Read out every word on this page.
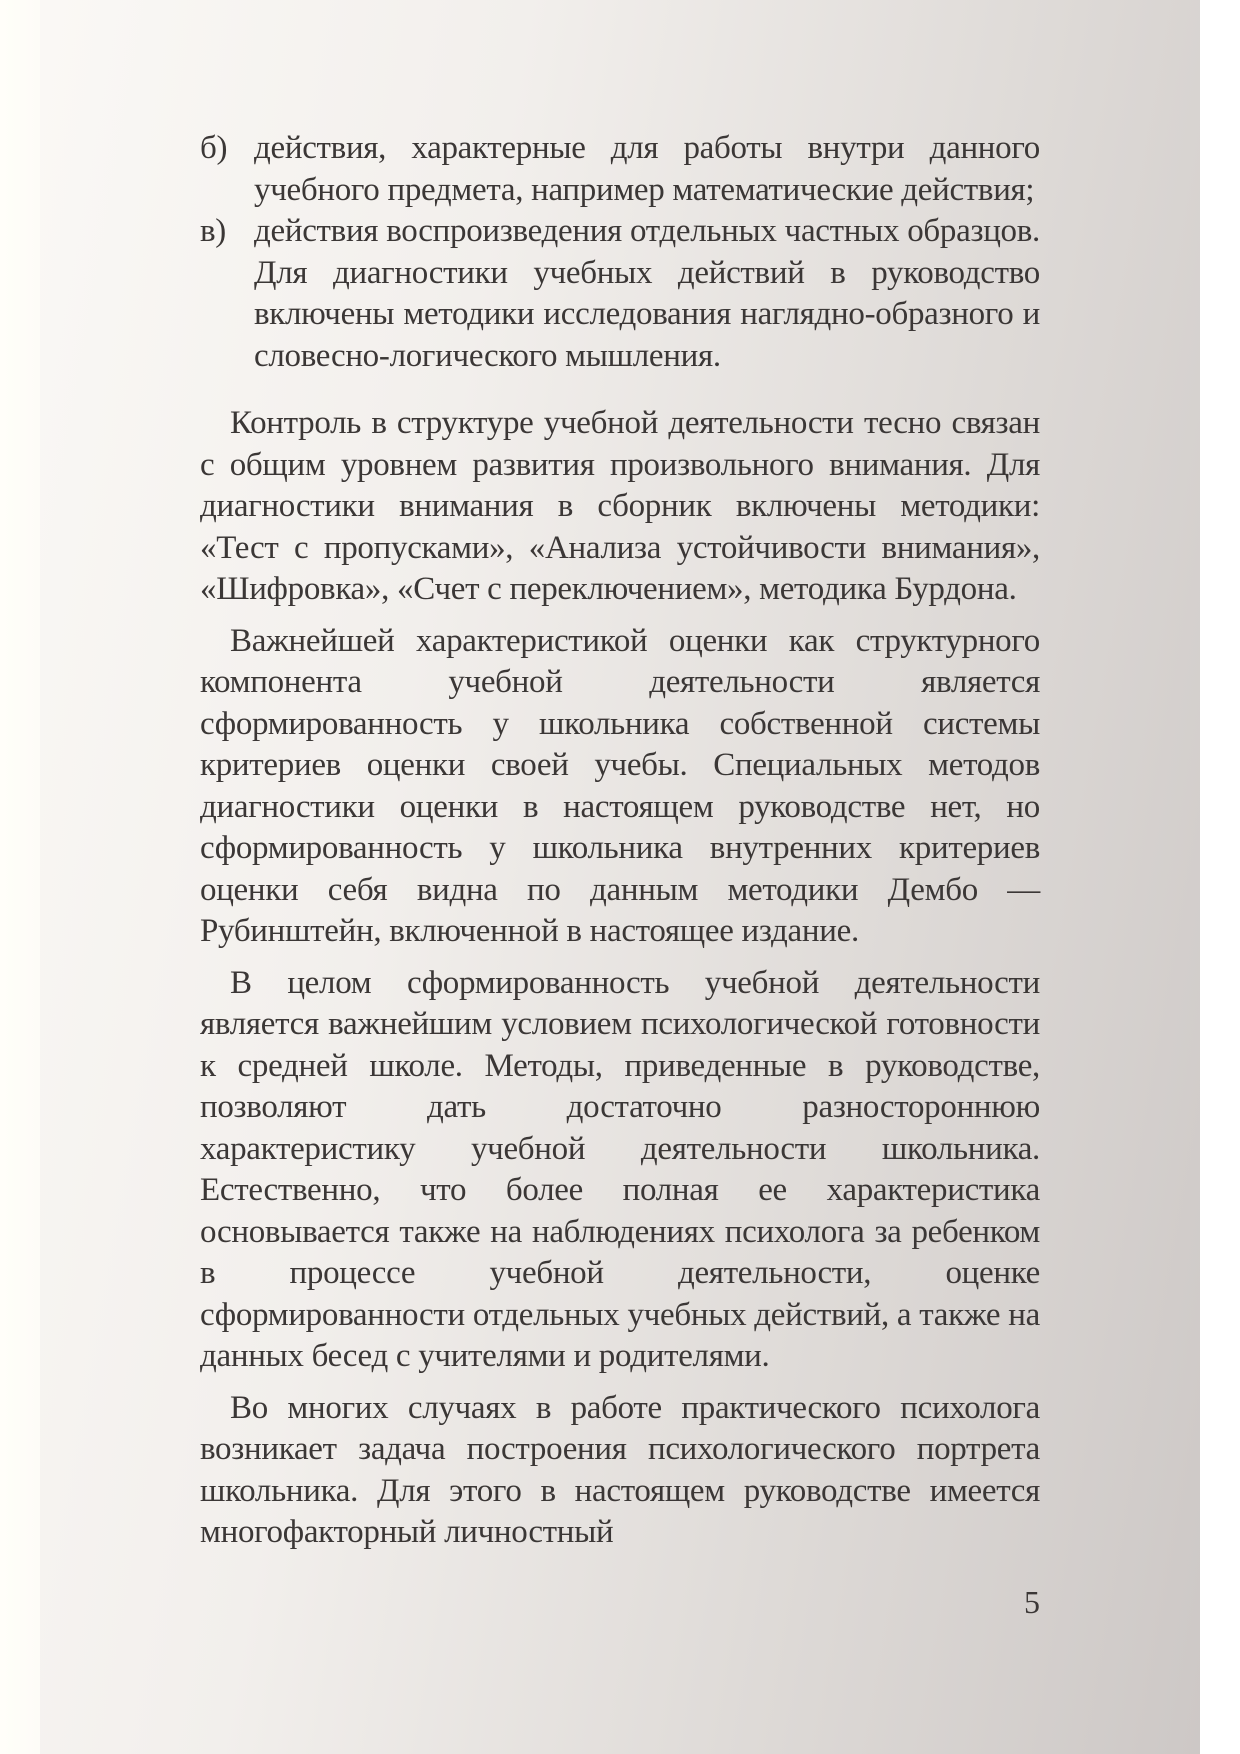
б) действия, характерные для работы внутри данного учебного предмета, например математические действия;
в) действия воспроизведения отдельных частных образцов. Для диагностики учебных действий в руководство включены методики исследования наглядно-образного и словесно-логического мышления.

Контроль в структуре учебной деятельности тесно связан с общим уровнем развития произвольного внимания. Для диагностики внимания в сборник включены методики: «Тест с пропусками», «Анализа устойчивости внимания», «Шифровка», «Счет с переключением», методика Бурдона.

Важнейшей характеристикой оценки как структурного компонента учебной деятельности является сформированность у школьника собственной системы критериев оценки своей учебы. Специальных методов диагностики оценки в настоящем руководстве нет, но сформированность у школьника внутренних критериев оценки себя видна по данным методики Дембо — Рубинштейн, включенной в настоящее издание.

В целом сформированность учебной деятельности является важнейшим условием психологической готовности к средней школе. Методы, приведенные в руководстве, позволяют дать достаточно разностороннюю характеристику учебной деятельности школьника. Естественно, что более полная ее характеристика основывается также на наблюдениях психолога за ребенком в процессе учебной деятельности, оценке сформированности отдельных учебных действий, а также на данных бесед с учителями и родителями.

Во многих случаях в работе практического психолога возникает задача построения психологического портрета школьника. Для этого в настоящем руководстве имеется многофакторный личностный

5
